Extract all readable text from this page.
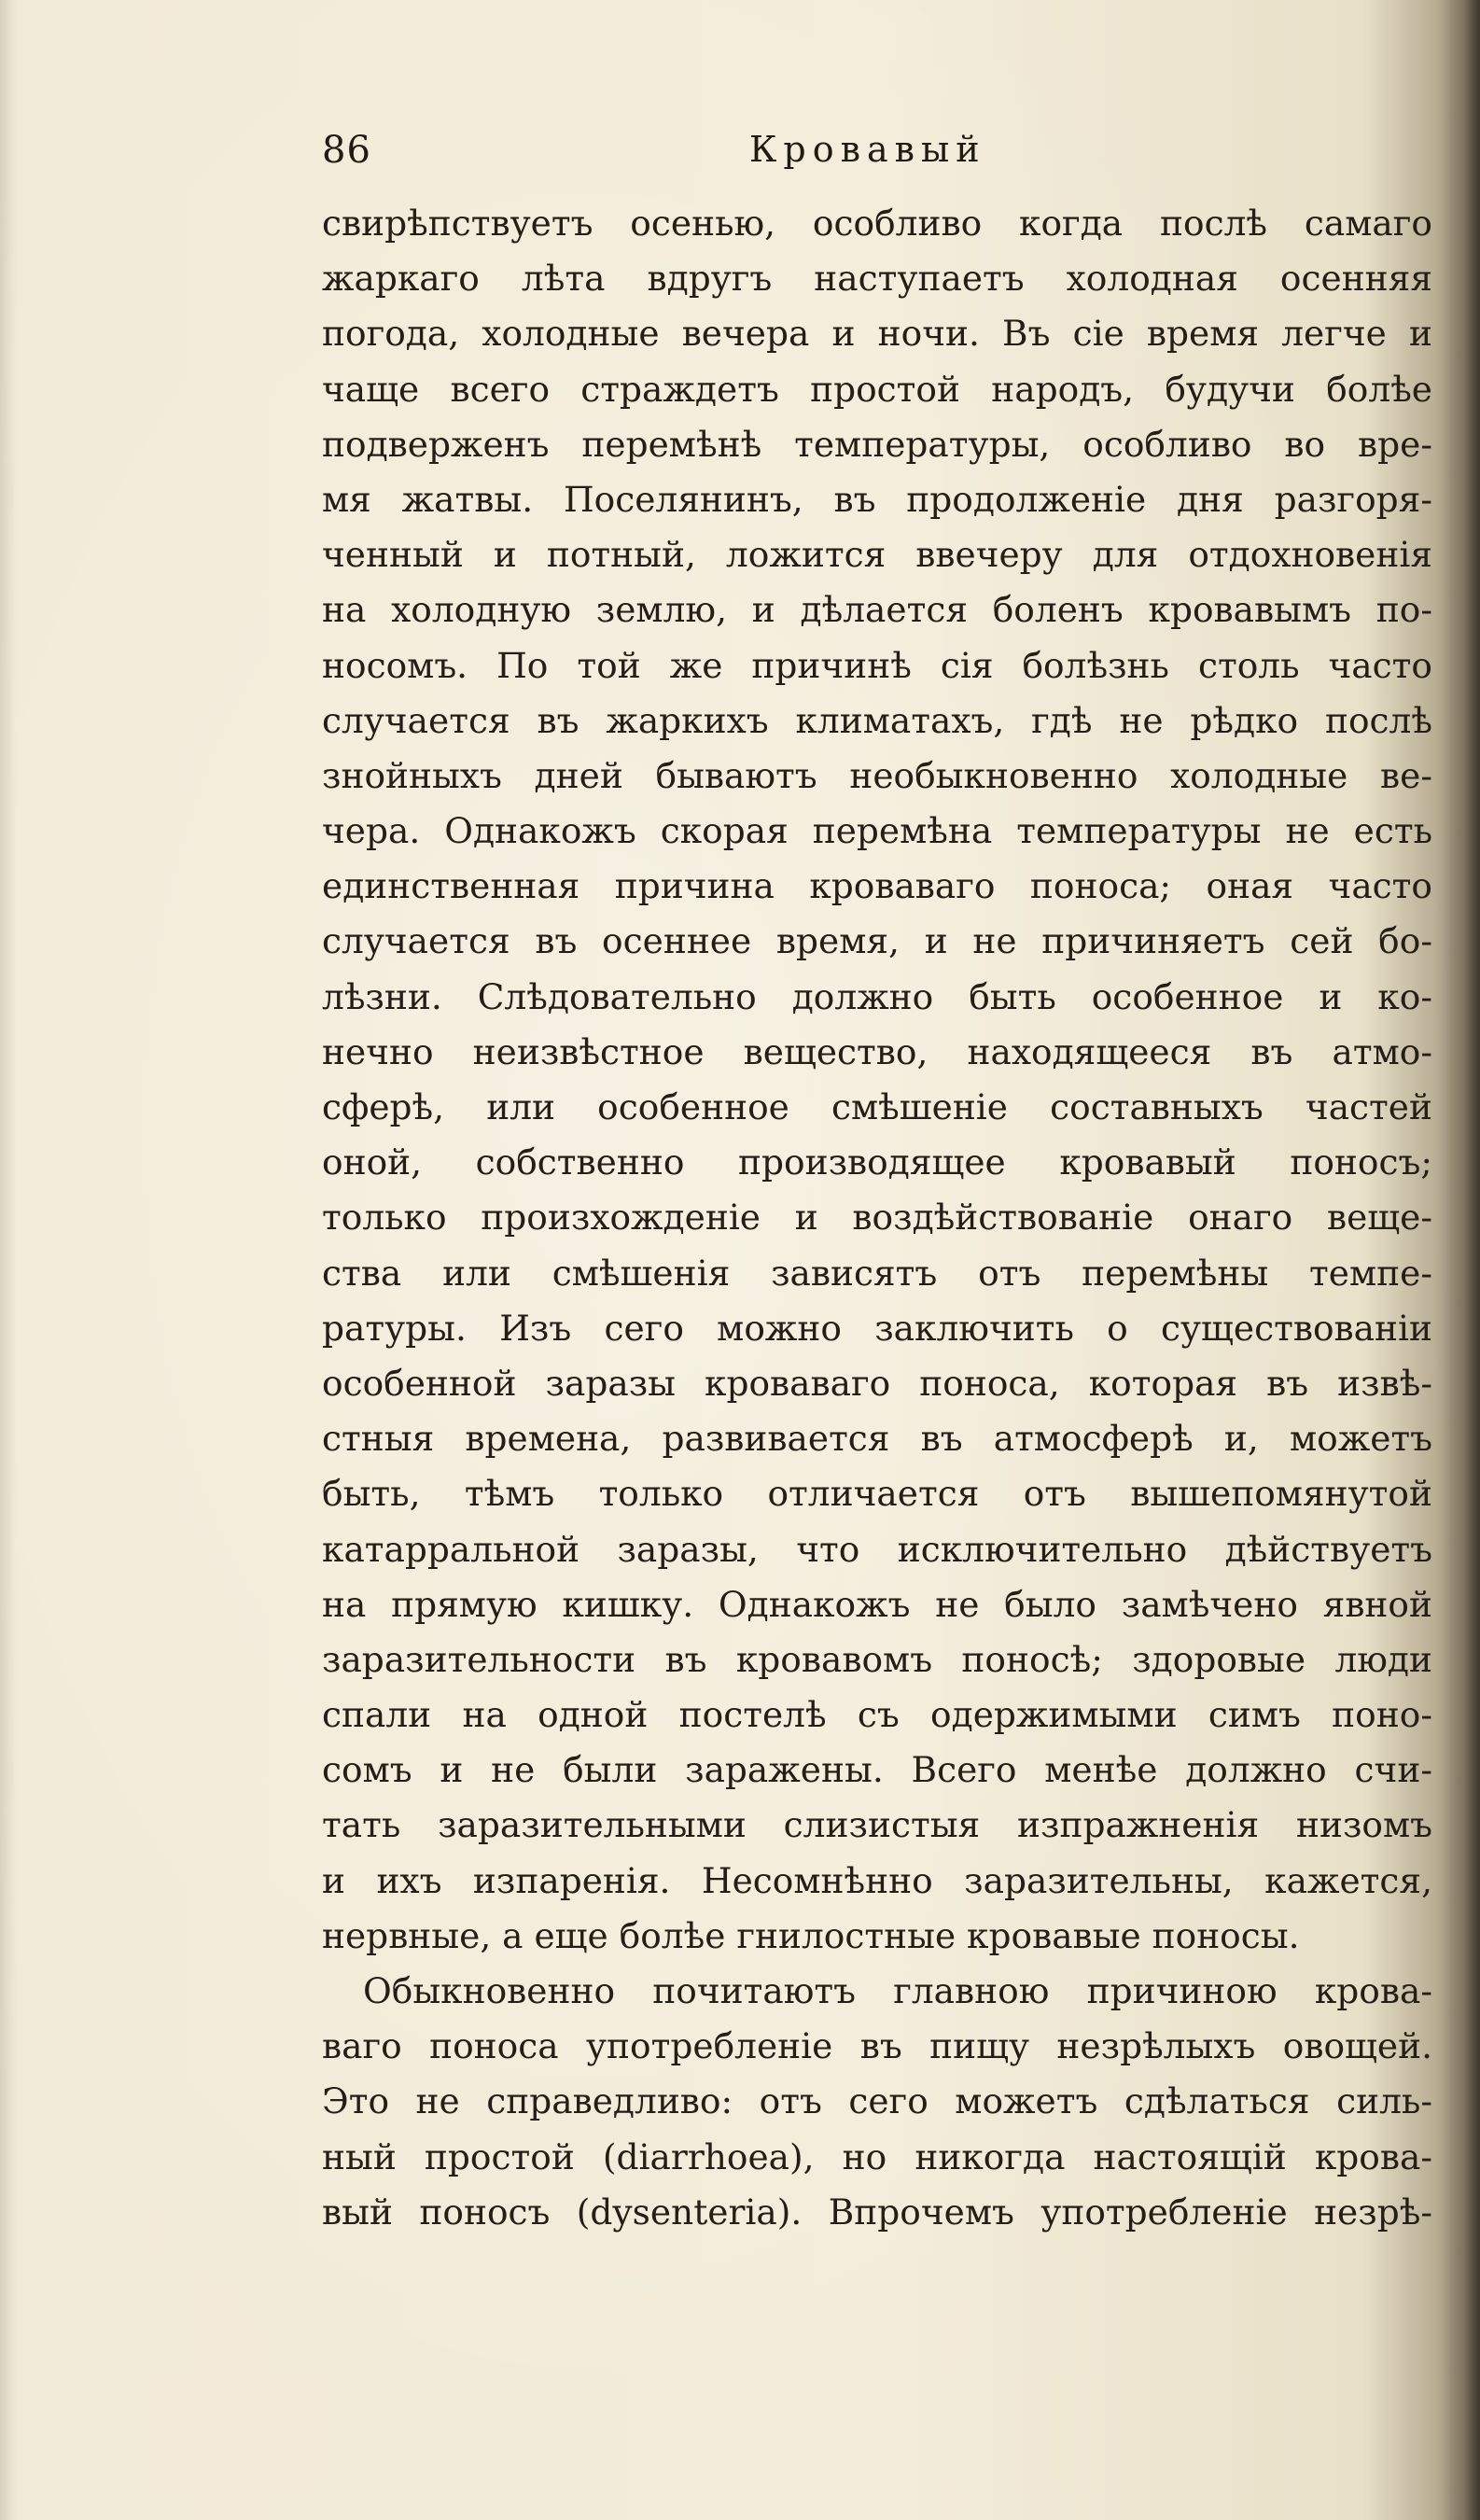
86	Кровавый
свирѣпствуетъ осенью, особливо когда послѣ самаго
жаркаго лѣта вдругъ наступаетъ холодная осенняя
погода, холодные вечера и ночи. Въ сіе время легче и
чаще всего страждетъ простой народъ, будучи болѣе
подверженъ перемѣнѣ температуры, особливо во вре-
мя жатвы. Поселянинъ, въ продолженіе дня разгоря-
ченный и потный, ложится ввечеру для отдохновенія
на холодную землю, и дѣлается боленъ кровавымъ по-
носомъ. По той же причинѣ сія болѣзнь столь часто
случается въ жаркихъ климатахъ, гдѣ не рѣдко послѣ
знойныхъ дней бываютъ необыкновенно холодные ве-
чера. Однакожъ скорая перемѣна температуры не есть
единственная причина кроваваго поноса; оная часто
случается въ осеннее время, и не причиняетъ сей бо-
лѣзни. Слѣдовательно должно быть особенное и ко-
нечно неизвѣстное вещество, находящееся въ атмо-
сферѣ, или особенное смѣшеніе составныхъ частей
оной, собственно производящее кровавый поносъ;
только произхожденіе и воздѣйствованіе онаго веще-
ства или смѣшенія зависятъ отъ перемѣны темпе-
ратуры. Изъ сего можно заключить о существованіи
особенной заразы кроваваго поноса, которая въ извѣ-
стныя времена, развивается въ атмосферѣ и, можетъ
быть, тѣмъ только отличается отъ вышепомянутой
катарральной заразы, что исключительно дѣйствуетъ
на прямую кишку. Однакожъ не было замѣчено явной
заразительности въ кровавомъ поносѣ; здоровые люди
спали на одной постелѣ съ одержимыми симъ поно-
сомъ и не были заражены. Всего менѣе должно счи-
тать заразительными слизистыя изпражненія низомъ
и ихъ изпаренія. Несомнѣнно заразительны, кажется,
нервные, а еще болѣе гнилостные кровавые поносы.
Обыкновенно почитаютъ главною причиною крова-
ваго поноса употребленіе въ пищу незрѣлыхъ овощей.
Это не справедливо: отъ сего можетъ сдѣлаться силь-
ный простой (diarrhoea), но никогда настоящій крова-
вый поносъ (dysenteria). Впрочемъ употребленіе незрѣ-
